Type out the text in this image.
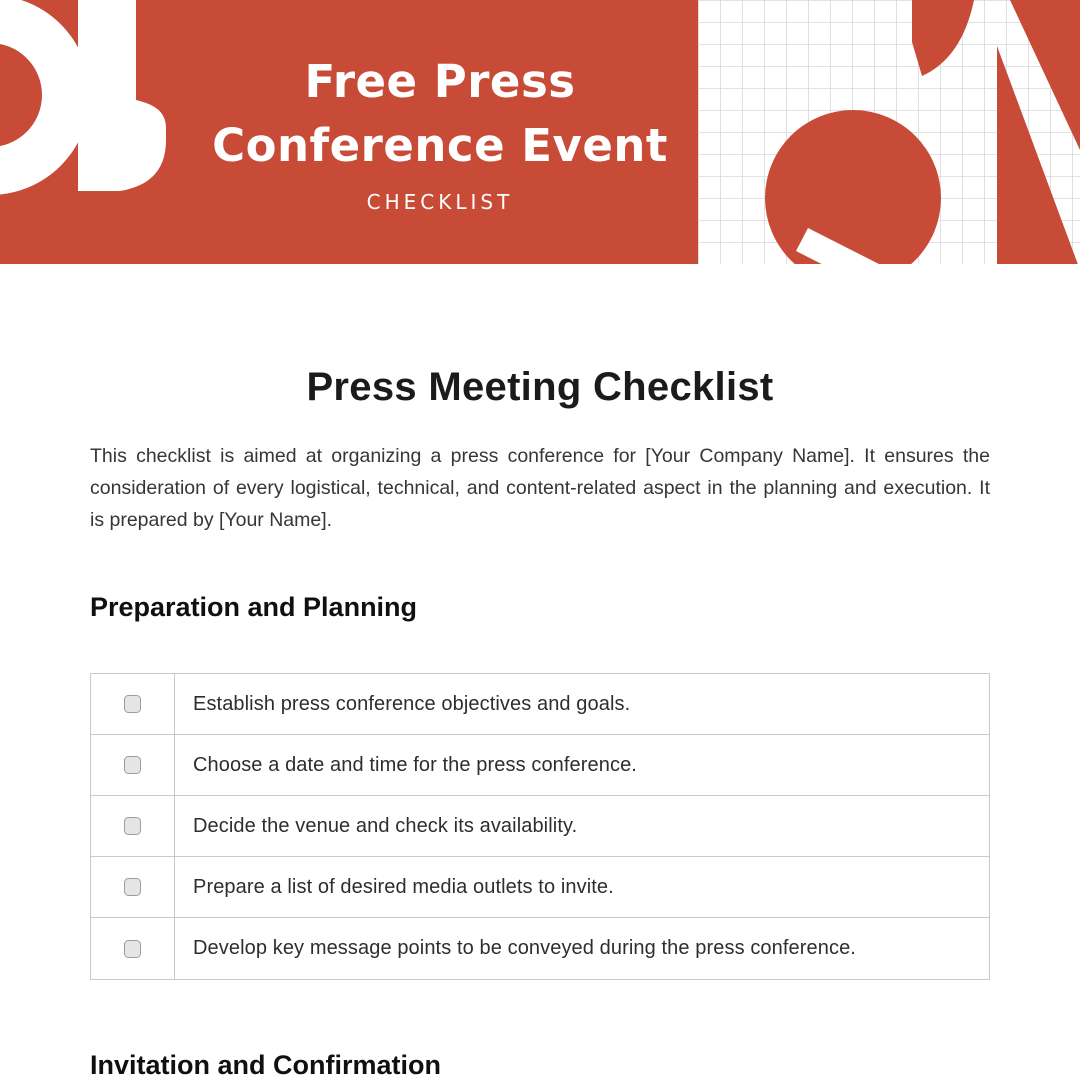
Free Press
Conference Event
CHECKLIST
Press Meeting Checklist

This checklist is aimed at organizing a press conference for [Your Company Name]. It ensures the consideration of every logistical, technical, and content-related aspect in the planning and execution. It is prepared by [Your Name].

Preparation and Planning
Establish press conference objectives and goals.
Choose a date and time for the press conference.
Decide the venue and check its availability.
Prepare a list of desired media outlets to invite.
Develop key message points to be conveyed during the press conference.
Invitation and Confirmation
